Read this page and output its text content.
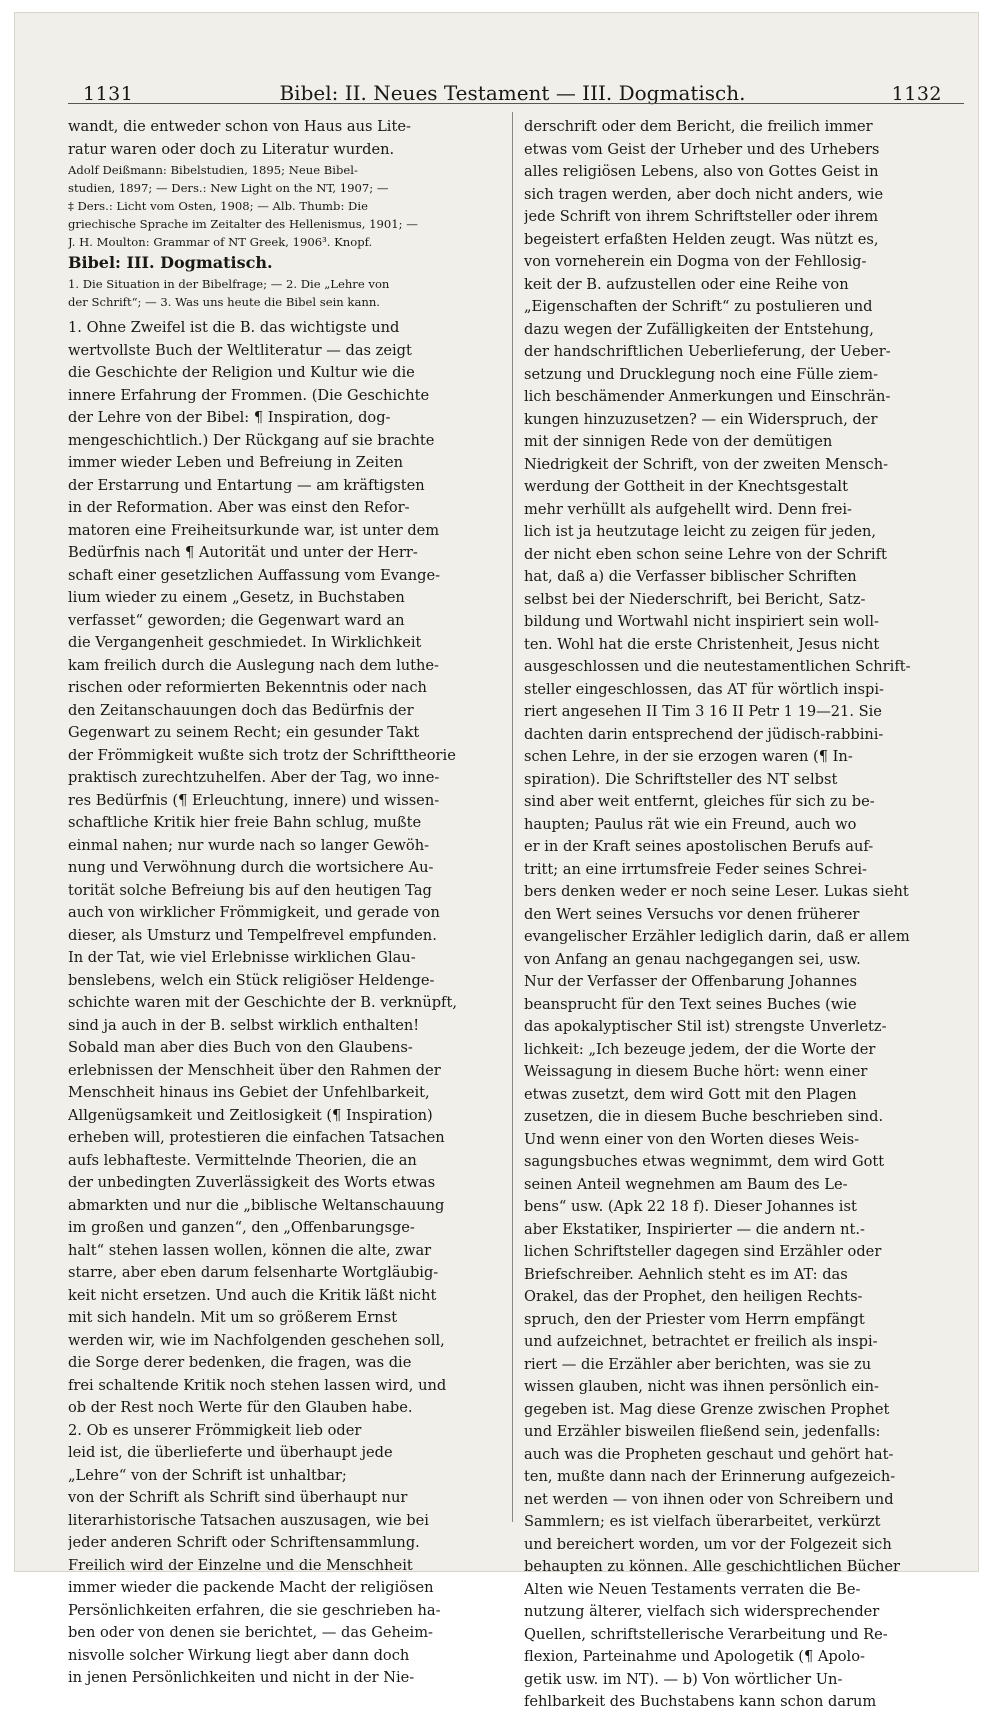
1131	Bibel: II. Neues Testament — III. Dogmatisch.	1132
wandt, die entweder schon von Haus aus Lite-
ratur waren oder doch zu Literatur wurden.
Adolf Deißmann: Bibelstudien, 1895; Neue Bibel-
studien, 1897; — Ders.: New Light on the NT, 1907; —
‡ Ders.: Licht vom Osten, 1908; — Alb. Thumb: Die
griechische Sprache im Zeitalter des Hellenismus, 1901; —
J. H. Moulton: Grammar of NT Greek, 1906³. Knopf.
Bibel: III. Dogmatisch.
1. Die Situation in der Bibelfrage; — 2. Die „Lehre von
der Schrift“; — 3. Was uns heute die Bibel sein kann.
1. Ohne Zweifel ist die B. das wichtigste und
wertvollste Buch der Weltliteratur — das zeigt
die Geschichte der Religion und Kultur wie die
innere Erfahrung der Frommen. (Die Geschichte
der Lehre von der Bibel: ¶ Inspiration, dog-
mengeschichtlich.) Der Rückgang auf sie brachte
immer wieder Leben und Befreiung in Zeiten
der Erstarrung und Entartung — am kräftigsten
in der Reformation. Aber was einst den Refor-
matoren eine Freiheitsurkunde war, ist unter dem
Bedürfnis nach ¶ Autorität und unter der Herr-
schaft einer gesetzlichen Auffassung vom Evange-
lium wieder zu einem „Gesetz, in Buchstaben
verfasset“ geworden; die Gegenwart ward an
die Vergangenheit geschmiedet. In Wirklichkeit
kam freilich durch die Auslegung nach dem luthe-
rischen oder reformierten Bekenntnis oder nach
den Zeitanschauungen doch das Bedürfnis der
Gegenwart zu seinem Recht; ein gesunder Takt
der Frömmigkeit wußte sich trotz der Schrifttheorie
praktisch zurechtzuhelfen. Aber der Tag, wo inne-
res Bedürfnis (¶ Erleuchtung, innere) und wissen-
schaftliche Kritik hier freie Bahn schlug, mußte
einmal nahen; nur wurde nach so langer Gewöh-
nung und Verwöhnung durch die wortsichere Au-
torität solche Befreiung bis auf den heutigen Tag
auch von wirklicher Frömmigkeit, und gerade von
dieser, als Umsturz und Tempelfrevel empfunden.
In der Tat, wie viel Erlebnisse wirklichen Glau-
benslebens, welch ein Stück religiöser Heldenge-
schichte waren mit der Geschichte der B. verknüpft,
sind ja auch in der B. selbst wirklich enthalten!
Sobald man aber dies Buch von den Glaubens-
erlebnissen der Menschheit über den Rahmen der
Menschheit hinaus ins Gebiet der Unfehlbarkeit,
Allgenügsamkeit und Zeitlosigkeit (¶ Inspiration)
erheben will, protestieren die einfachen Tatsachen
aufs lebhafteste. Vermittelnde Theorien, die an
der unbedingten Zuverlässigkeit des Worts etwas
abmarkten und nur die „biblische Weltanschauung
im großen und ganzen“, den „Offenbarungsge-
halt“ stehen lassen wollen, können die alte, zwar
starre, aber eben darum felsenharte Wortgläubig-
keit nicht ersetzen. Und auch die Kritik läßt nicht
mit sich handeln. Mit um so größerem Ernst
werden wir, wie im Nachfolgenden geschehen soll,
die Sorge derer bedenken, die fragen, was die
frei schaltende Kritik noch stehen lassen wird, und
ob der Rest noch Werte für den Glauben habe.
2. Ob es unserer Frömmigkeit lieb oder
leid ist, die überlieferte und überhaupt jede
„Lehre“ von der Schrift ist unhaltbar;
von der Schrift als Schrift sind überhaupt nur
literarhistorische Tatsachen auszusagen, wie bei
jeder anderen Schrift oder Schriftensammlung.
Freilich wird der Einzelne und die Menschheit
immer wieder die packende Macht der religiösen
Persönlichkeiten erfahren, die sie geschrieben ha-
ben oder von denen sie berichtet, — das Geheim-
nisvolle solcher Wirkung liegt aber dann doch
in jenen Persönlichkeiten und nicht in der Nie-
derschrift oder dem Bericht, die freilich immer
etwas vom Geist der Urheber und des Urhebers
alles religiösen Lebens, also von Gottes Geist in
sich tragen werden, aber doch nicht anders, wie
jede Schrift von ihrem Schriftsteller oder ihrem
begeistert erfaßten Helden zeugt. Was nützt es,
von vorneherein ein Dogma von der Fehllosig-
keit der B. aufzustellen oder eine Reihe von
„Eigenschaften der Schrift“ zu postulieren und
dazu wegen der Zufälligkeiten der Entstehung,
der handschriftlichen Ueberlieferung, der Ueber-
setzung und Drucklegung noch eine Fülle ziem-
lich beschämender Anmerkungen und Einschrän-
kungen hinzuzusetzen? — ein Widerspruch, der
mit der sinnigen Rede von der demütigen
Niedrigkeit der Schrift, von der zweiten Mensch-
werdung der Gottheit in der Knechtsgestalt
mehr verhüllt als aufgehellt wird. Denn frei-
lich ist ja heutzutage leicht zu zeigen für jeden,
der nicht eben schon seine Lehre von der Schrift
hat, daß a) die Verfasser biblischer Schriften
selbst bei der Niederschrift, bei Bericht, Satz-
bildung und Wortwahl nicht inspiriert sein woll-
ten. Wohl hat die erste Christenheit, Jesus nicht
ausgeschlossen und die neutestamentlichen Schrift-
steller eingeschlossen, das AT für wörtlich inspi-
riert angesehen II Tim 3 16 II Petr 1 19—21. Sie
dachten darin entsprechend der jüdisch-rabbini-
schen Lehre, in der sie erzogen waren (¶ In-
spiration). Die Schriftsteller des NT selbst
sind aber weit entfernt, gleiches für sich zu be-
haupten; Paulus rät wie ein Freund, auch wo
er in der Kraft seines apostolischen Berufs auf-
tritt; an eine irrtumsfreie Feder seines Schrei-
bers denken weder er noch seine Leser. Lukas sieht
den Wert seines Versuchs vor denen früherer
evangelischer Erzähler lediglich darin, daß er allem
von Anfang an genau nachgegangen sei, usw.
Nur der Verfasser der Offenbarung Johannes
beansprucht für den Text seines Buches (wie
das apokalyptischer Stil ist) strengste Unverletz-
lichkeit: „Ich bezeuge jedem, der die Worte der
Weissagung in diesem Buche hört: wenn einer
etwas zusetzt, dem wird Gott mit den Plagen
zusetzen, die in diesem Buche beschrieben sind.
Und wenn einer von den Worten dieses Weis-
sagungsbuches etwas wegnimmt, dem wird Gott
seinen Anteil wegnehmen am Baum des Le-
bens“ usw. (Apk 22 18 f). Dieser Johannes ist
aber Ekstatiker, Inspirierter — die andern nt.-
lichen Schriftsteller dagegen sind Erzähler oder
Briefschreiber. Aehnlich steht es im AT: das
Orakel, das der Prophet, den heiligen Rechts-
spruch, den der Priester vom Herrn empfängt
und aufzeichnet, betrachtet er freilich als inspi-
riert — die Erzähler aber berichten, was sie zu
wissen glauben, nicht was ihnen persönlich ein-
gegeben ist. Mag diese Grenze zwischen Prophet
und Erzähler bisweilen fließend sein, jedenfalls:
auch was die Propheten geschaut und gehört hat-
ten, mußte dann nach der Erinnerung aufgezeich-
net werden — von ihnen oder von Schreibern und
Sammlern; es ist vielfach überarbeitet, verkürzt
und bereichert worden, um vor der Folgezeit sich
behaupten zu können. Alle geschichtlichen Bücher
Alten wie Neuen Testaments verraten die Be-
nutzung älterer, vielfach sich widersprechender
Quellen, schriftstellerische Verarbeitung und Re-
flexion, Parteinahme und Apologetik (¶ Apolo-
getik usw. im NT). — b) Von wörtlicher Un-
fehlbarkeit des Buchstabens kann schon darum
